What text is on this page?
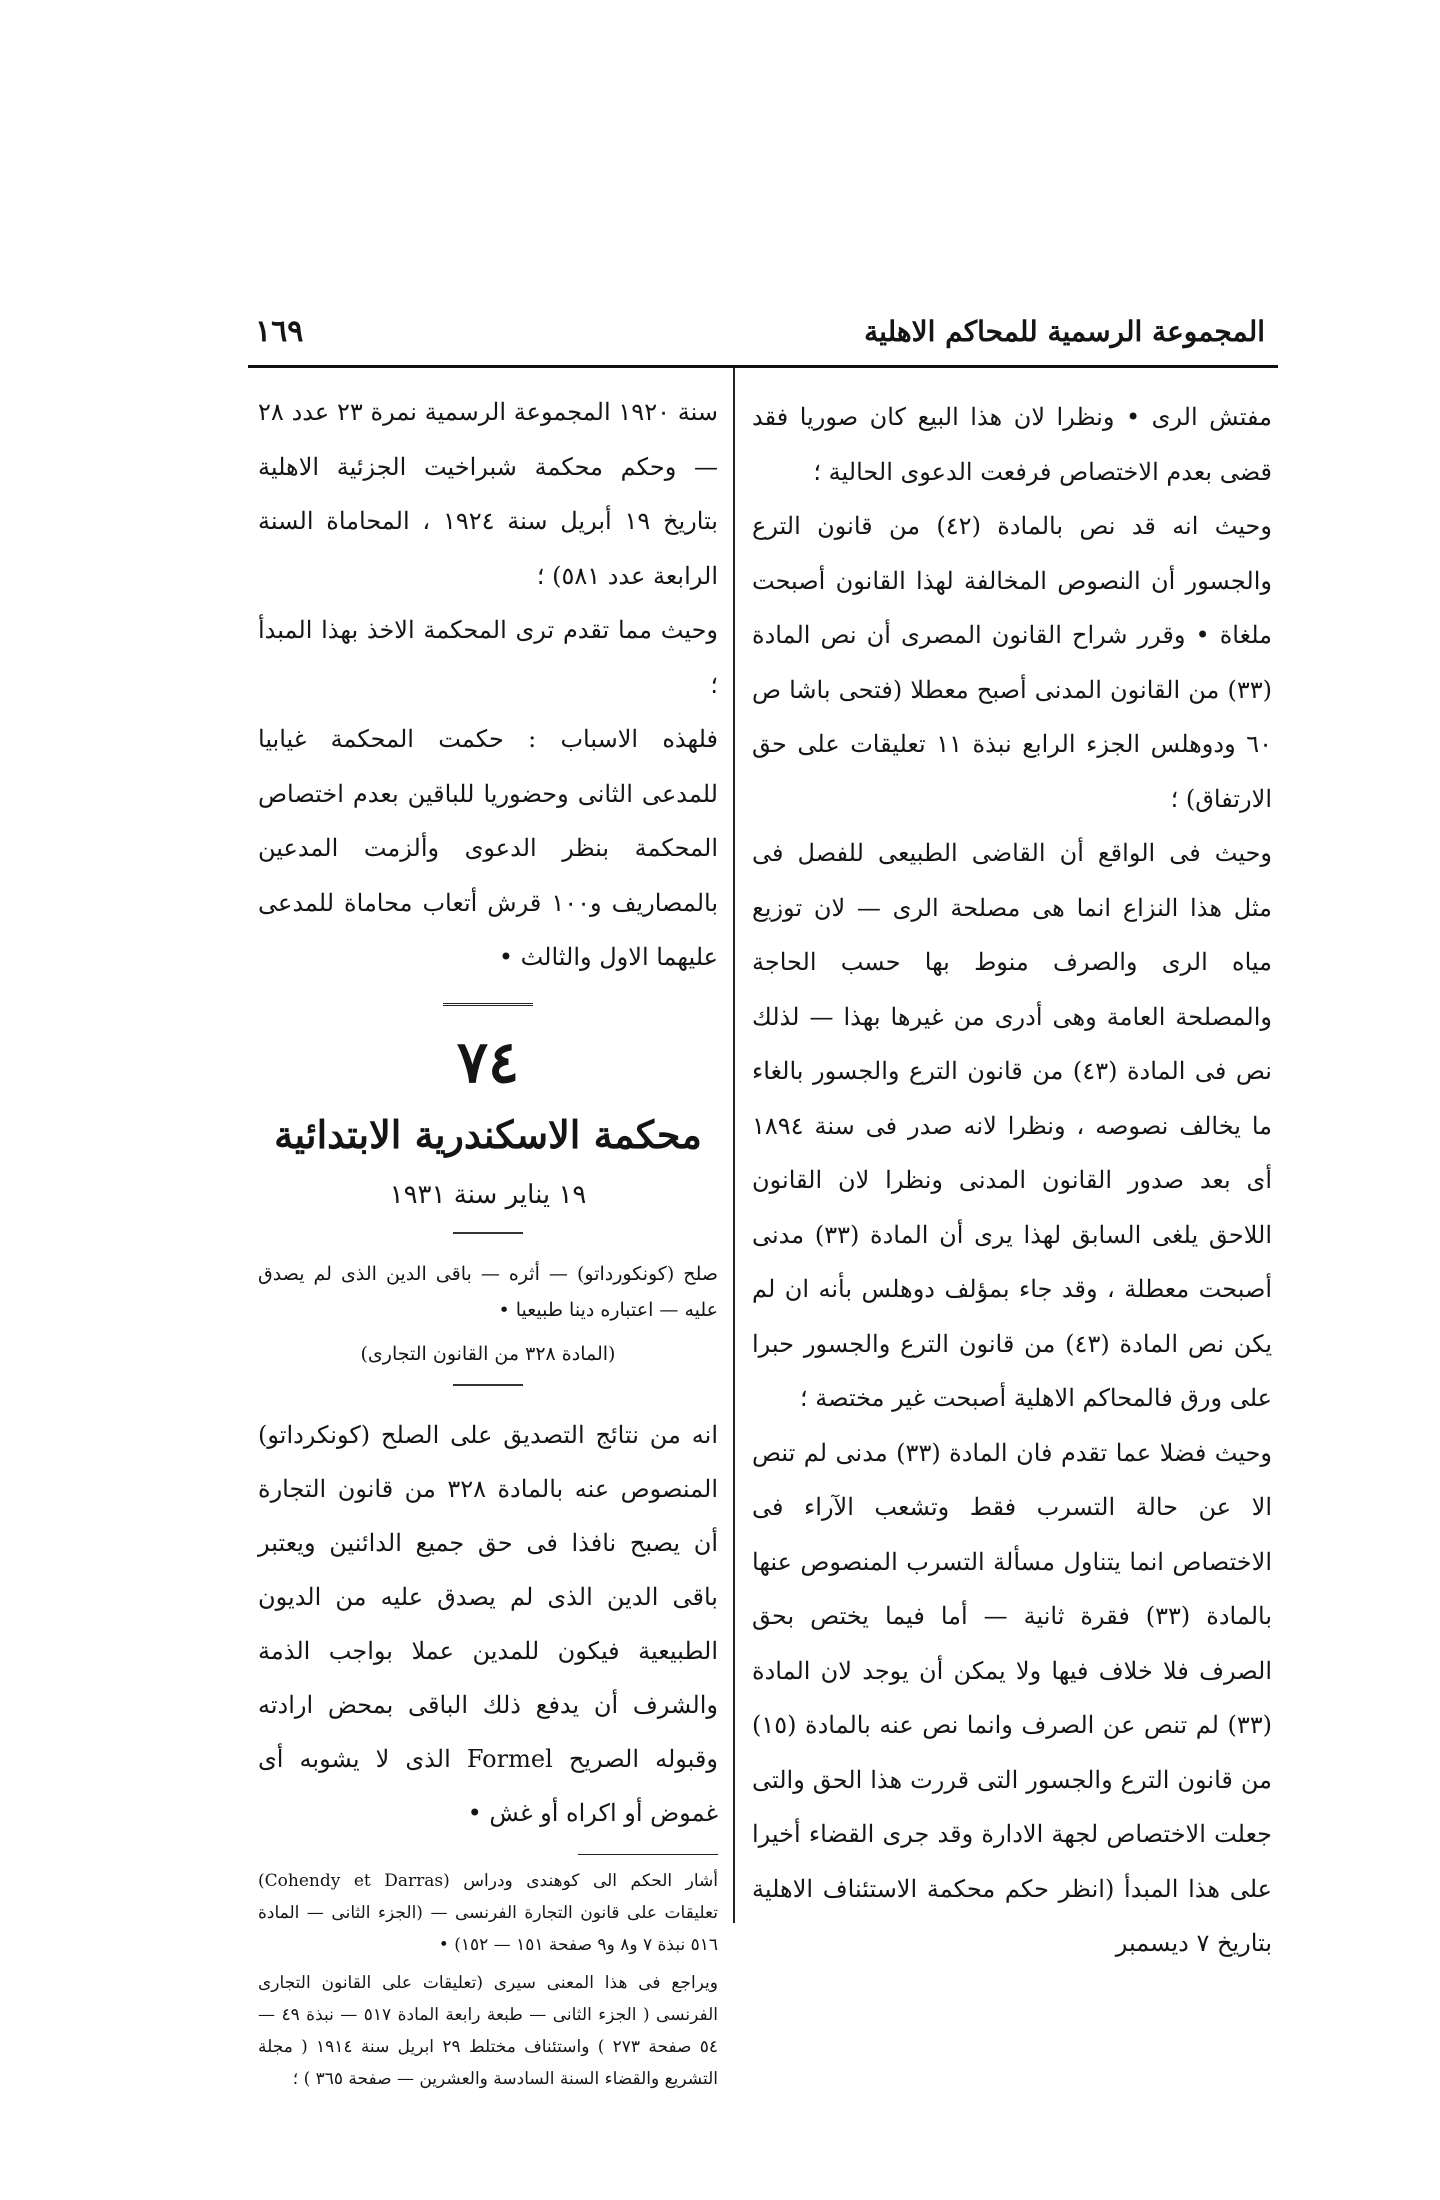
المجموعة الرسمية للمحاكم الاهلية
١٦٩

مفتش الرى • ونظرا لان هذا البيع كان صوريا فقد قضى بعدم الاختصاص فرفعت الدعوى الحالية ؛

وحيث انه قد نص بالمادة (٤٢) من قانون الترع والجسور أن النصوص المخالفة لهذا القانون أصبحت ملغاة • وقرر شراح القانون المصرى أن نص المادة (٣٣) من القانون المدنى أصبح معطلا (فتحى باشا ص ٦٠ ودوهلس الجزء الرابع نبذة ١١ تعليقات على حق الارتفاق) ؛

وحيث فى الواقع أن القاضى الطبيعى للفصل فى مثل هذا النزاع انما هى مصلحة الرى — لان توزيع مياه الرى والصرف منوط بها حسب الحاجة والمصلحة العامة وهى أدرى من غيرها بهذا — لذلك نص فى المادة (٤٣) من قانون الترع والجسور بالغاء ما يخالف نصوصه ، ونظرا لانه صدر فى سنة ١٨٩٤ أى بعد صدور القانون المدنى ونظرا لان القانون اللاحق يلغى السابق لهذا يرى أن المادة (٣٣) مدنى أصبحت معطلة ، وقد جاء بمؤلف دوهلس بأنه ان لم يكن نص المادة (٤٣) من قانون الترع والجسور حبرا على ورق فالمحاكم الاهلية أصبحت غير مختصة ؛

وحيث فضلا عما تقدم فان المادة (٣٣) مدنى لم تنص الا عن حالة التسرب فقط وتشعب الآراء فى الاختصاص انما يتناول مسألة التسرب المنصوص عنها بالمادة (٣٣) فقرة ثانية — أما فيما يختص بحق الصرف فلا خلاف فيها ولا يمكن أن يوجد لان المادة (٣٣) لم تنص عن الصرف وانما نص عنه بالمادة (١٥) من قانون الترع والجسور التى قررت هذا الحق والتى جعلت الاختصاص لجهة الادارة وقد جرى القضاء أخيرا على هذا المبدأ (انظر حكم محكمة الاستئناف الاهلية بتاريخ ٧ ديسمبر

سنة ١٩٢٠ المجموعة الرسمية نمرة ٢٣ عدد ٢٨ — وحكم محكمة شبراخيت الجزئية الاهلية بتاريخ ١٩ أبريل سنة ١٩٢٤ ، المحاماة السنة الرابعة عدد ٥٨١) ؛

وحيث مما تقدم ترى المحكمة الاخذ بهذا المبدأ ؛

فلهذه الاسباب : حكمت المحكمة غيابيا للمدعى الثانى وحضوريا للباقين بعدم اختصاص المحكمة بنظر الدعوى وألزمت المدعين بالمصاريف و١٠٠ قرش أتعاب محاماة للمدعى عليهما الاول والثالث •

٧٤

محكمة الاسكندرية الابتدائية

١٩ يناير سنة ١٩٣١

صلح (كونكورداتو) — أثره — باقى الدين الذى لم يصدق عليه — اعتباره دينا طبيعيا •

(المادة ٣٢٨ من القانون التجارى)

انه من نتائج التصديق على الصلح (كونكرداتو) المنصوص عنه بالمادة ٣٢٨ من قانون التجارة أن يصبح نافذا فى حق جميع الدائنين ويعتبر باقى الدين الذى لم يصدق عليه من الديون الطبيعية فيكون للمدين عملا بواجب الذمة والشرف أن يدفع ذلك الباقى بمحض ارادته وقبوله الصريح Formel الذى لا يشوبه أى غموض أو اكراه أو غش •

أشار الحكم الى كوهندى ودراس (Cohendy et Darras) تعليقات على قانون التجارة الفرنسى — (الجزء الثانى — المادة ٥١٦ نبذة ٧ و٨ و٩ صفحة ١٥١ — ١٥٢) •

ويراجع فى هذا المعنى سيرى (تعليقات على القانون التجارى الفرنسى ( الجزء الثانى — طبعة رابعة المادة ٥١٧ — نبذة ٤٩ — ٥٤ صفحة ٢٧٣ ) واستئناف مختلط ٢٩ ابريل سنة ١٩١٤ ( مجلة التشريع والقضاء السنة السادسة والعشرين — صفحة ٣٦٥ ) ؛
